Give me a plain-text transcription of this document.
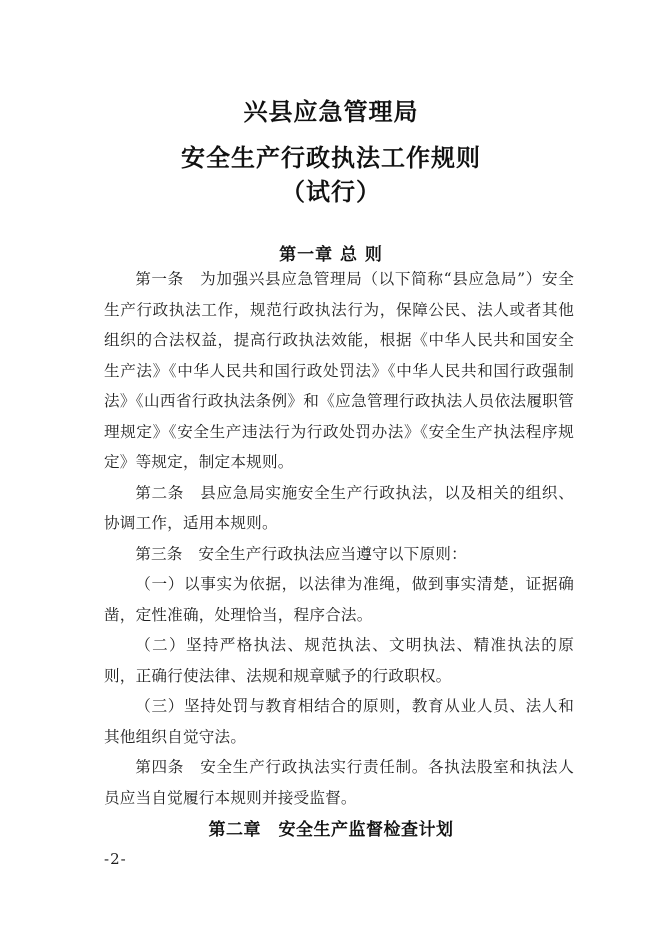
兴县应急管理局
安全生产行政执法工作规则
（试行）
第一章 总 则
第一条　为加强兴县应急管理局（以下简称“县应急局”）安全生产行政执法工作，规范行政执法行为，保障公民、法人或者其他组织的合法权益，提高行政执法效能，根据《中华人民共和国安全生产法》《中华人民共和国行政处罚法》《中华人民共和国行政强制法》《山西省行政执法条例》和《应急管理行政执法人员依法履职管理规定》《安全生产违法行为行政处罚办法》《安全生产执法程序规定》等规定，制定本规则。
第二条　县应急局实施安全生产行政执法，以及相关的组织、协调工作，适用本规则。
第三条　安全生产行政执法应当遵守以下原则：
（一）以事实为依据，以法律为准绳，做到事实清楚，证据确凿，定性准确，处理恰当，程序合法。
（二）坚持严格执法、规范执法、文明执法、精准执法的原则，正确行使法律、法规和规章赋予的行政职权。
（三）坚持处罚与教育相结合的原则，教育从业人员、法人和其他组织自觉守法。
第四条　安全生产行政执法实行责任制。各执法股室和执法人员应当自觉履行本规则并接受监督。
第二章　安全生产监督检查计划
-2-
